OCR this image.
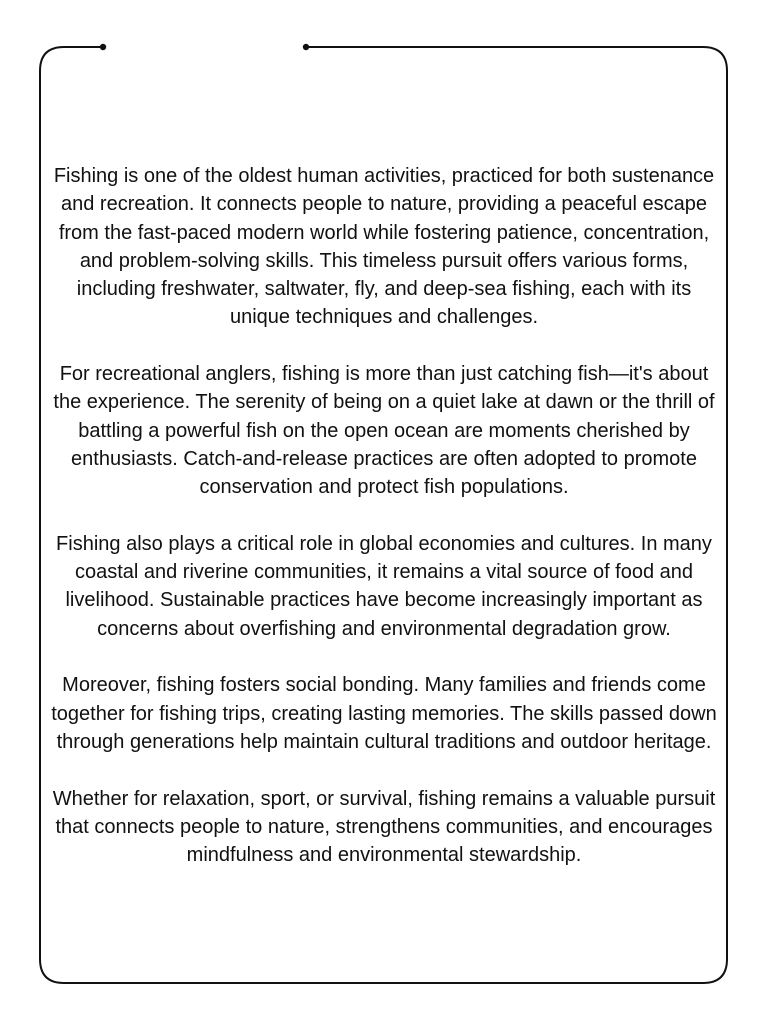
Fishing is one of the oldest human activities, practiced for both sustenance and recreation. It connects people to nature, providing a peaceful escape from the fast-paced modern world while fostering patience, concentration, and problem-solving skills. This timeless pursuit offers various forms, including freshwater, saltwater, fly, and deep-sea fishing, each with its unique techniques and challenges.

For recreational anglers, fishing is more than just catching fish—it's about the experience. The serenity of being on a quiet lake at dawn or the thrill of battling a powerful fish on the open ocean are moments cherished by enthusiasts. Catch-and-release practices are often adopted to promote conservation and protect fish populations.

Fishing also plays a critical role in global economies and cultures. In many coastal and riverine communities, it remains a vital source of food and livelihood. Sustainable practices have become increasingly important as concerns about overfishing and environmental degradation grow.

Moreover, fishing fosters social bonding. Many families and friends come together for fishing trips, creating lasting memories. The skills passed down through generations help maintain cultural traditions and outdoor heritage.

Whether for relaxation, sport, or survival, fishing remains a valuable pursuit that connects people to nature, strengthens communities, and encourages mindfulness and environmental stewardship.
